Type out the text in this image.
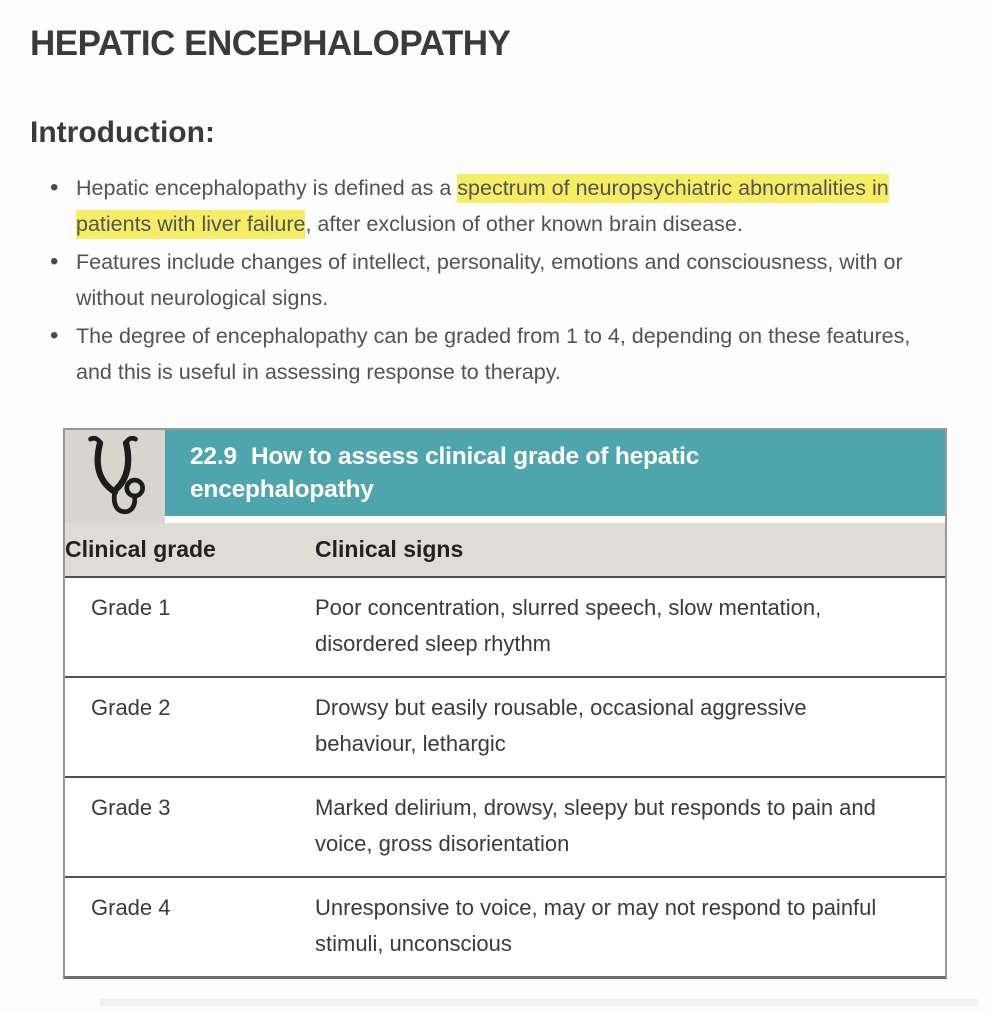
HEPATIC ENCEPHALOPATHY
Introduction:
• Hepatic encephalopathy is defined as a spectrum of neuropsychiatric abnormalities in patients with liver failure, after exclusion of other known brain disease.
• Features include changes of intellect, personality, emotions and consciousness, with or without neurological signs.
• The degree of encephalopathy can be graded from 1 to 4, depending on these features, and this is useful in assessing response to therapy.
22.9 How to assess clinical grade of hepatic encephalopathy
Clinical grade	Clinical signs
Grade 1	Poor concentration, slurred speech, slow mentation, disordered sleep rhythm
Grade 2	Drowsy but easily rousable, occasional aggressive behaviour, lethargic
Grade 3	Marked delirium, drowsy, sleepy but responds to pain and voice, gross disorientation
Grade 4	Unresponsive to voice, may or may not respond to painful stimuli, unconscious
